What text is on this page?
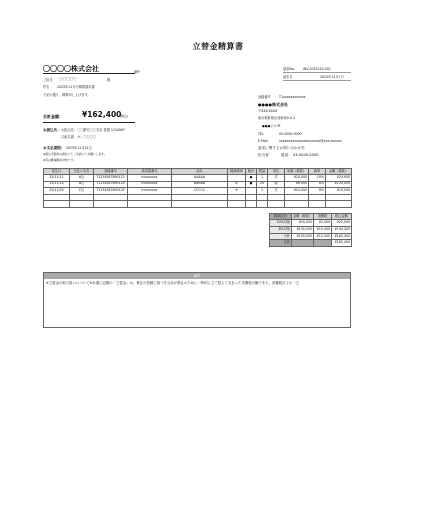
立替金精算書
〇〇〇〇株式会社	御中
ご担当 〇〇〇〇〇	様
件名 2025年11月分精算請求書
下記の通り、精算申し上げます。
合計金額：	¥162,400
(税込)
お振込先： お振込先：〇〇銀行〇〇支店 普通 1234567
口座名義： カ）〇〇〇〇
お支払期限： 2025年12月31日
※振込手数料は貴社にてご負担にてお願いします。
※印は軽減税率対象です。
請求No.	INV-2025120-001
請求日	2025年12月1日
登録番号	T1xxxxxxxxxxxx
●●●●株式会社
〒XXX-XXXX
東京都新宿区西新宿0-0-2
●●●ビル3F
TEL	00-0000-0000
E-Mail	xxxxxxxxxxxxxxxxxxxxxx@xxx.xxxxxx
請求に関するお問い合わせ先
担当者： 電話： 03-0000-0000
発生日	支払い先名	登録番号	請求書番号	品名	軽減税率	税付	数量	単位	単価（税抜）	税率	金額（税抜）
25/11/11	A社	T1234567890123	Invxxxxxx	AAAAA		●	1	式	¥20,000	10%	¥20,000
25/11/14	B社	T1234567890124	Invxxxxxx	BBBBB	※	●	20	個	¥6,000	8%	¥120,000
25/11/20	C社	T1234567890125	Invxxxxxx	CCCCC	※		1	式	¥10,000	8%	¥10,000

税率区分	金額（税抜）	消費税	税込金額
10%対象	¥20,000	¥2,000	¥22,000
8%対象	¥130,000	¥10,400	¥140,400
小計	¥150,000	¥12,400	¥162,400
合計			¥162,400
備考
※立替金の取り扱いについて※本書に記載の「立替金」は、貴社の依頼に基づき当社が貴社のために一時的に立て替えて支払った実費相当額であり、消費税法上の「立
